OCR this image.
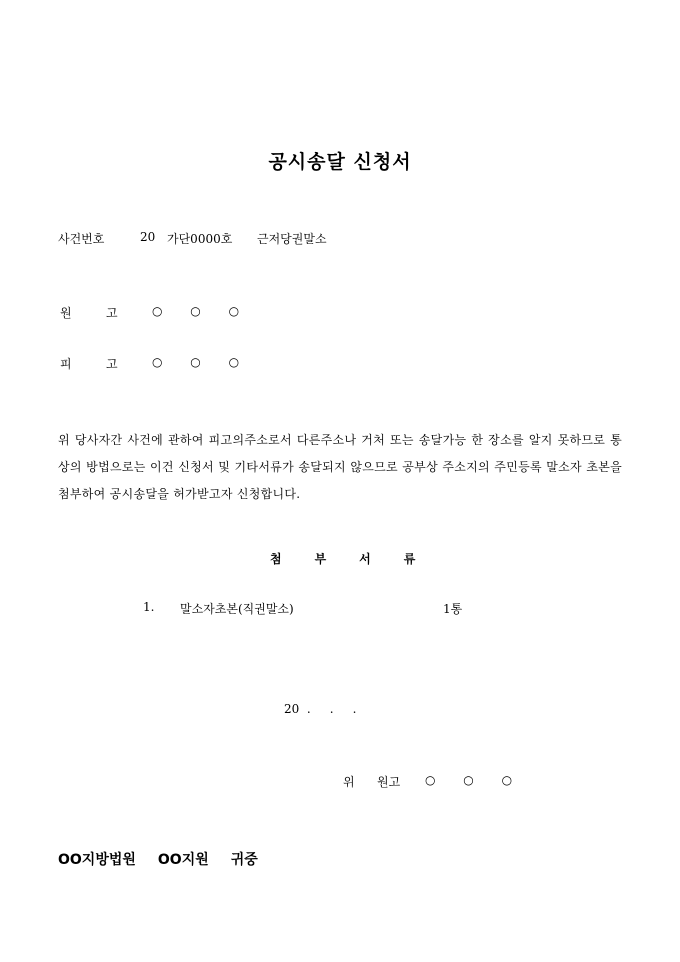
공시송달 신청서
사건번호	20 가단0000호 근저당권말소
원	고	○ ○ ○
피	고	○ ○ ○

위 당사자간 사건에 관하여 피고의주소로서 다른주소나 거처 또는 송달가능 한 장소를 알지 못하므로 통상의 방법으로는 이건 신청서 및 기타서류가 송달되지 않으므로 공부상 주소지의 주민등록 말소자 초본을 첨부하여 공시송달을 허가받고자 신청합니다.

첨부서류
1. 말소자초본(직권말소)	1통
20  .     .     .
위 원고 ○ ○ ○
OO지방법원 OO지원 귀중
